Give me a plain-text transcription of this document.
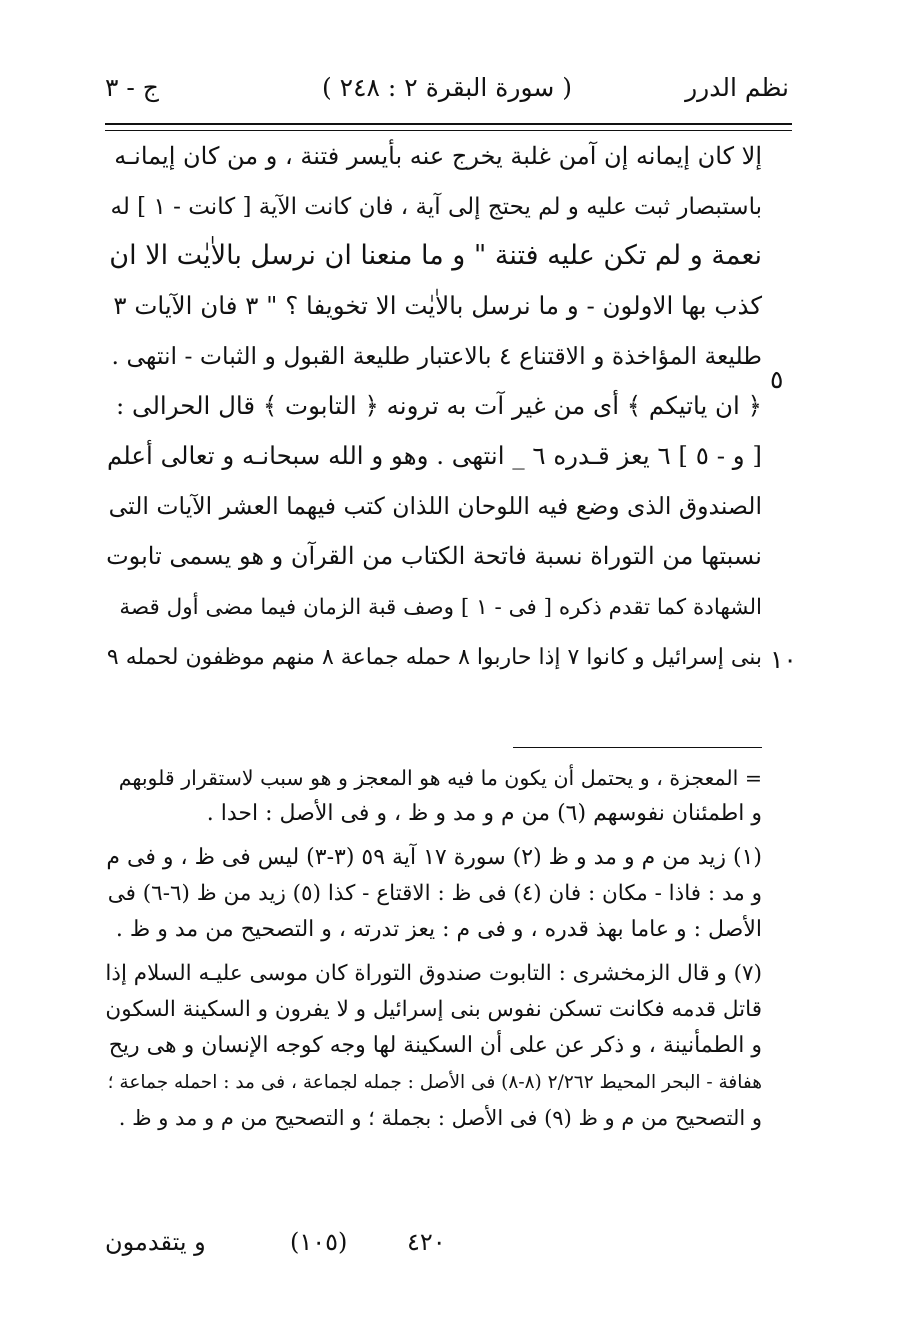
ج - ٣	( سورة البقرة ٢ : ٢٤٨ )	نظم الدرر
إلا كان إيمانه إن آمن غلبة يخرج عنه بأيسر فتنة ، و من كان إيمانـه
باستبصار ثبت عليه و لم يحتج إلى آية ، فان كانت الآية [ كانت - ١ ] له
نعمة و لم تكن عليه فتنة " و ما منعنا ان نرسل بالاٰيٰت الا ان
كذب بها الاولون - و ما نرسل بالاٰيٰت الا تخويفا ؟ " ٣ فان الآيات ٣
طليعة المؤاخذة و الاقتناع ٤ بالاعتبار طليعة القبول و الثبات - انتهى .
﴿ ان ياتيكم ﴾ أى من غير آت به ترونه ﴿ التابوت ﴾ قال الحرالى :
[ و - ٥ ] ٦ يعز قـدره ٦ _ انتهى . وهو و الله سبحانـه و تعالى أعلم
الصندوق الذى وضع فيه اللوحان اللذان كتب فيهما العشر الآيات التى
نسبتها من التوراة نسبة فاتحة الكتاب من القرآن و هو يسمى تابوت
الشهادة كما تقدم ذكره [ فى - ١ ] وصف قبة الزمان فيما مضى أول قصة
بنى إسرائيل و كانوا ٧ إذا حاربوا ٨ حمله جماعة ٨ منهم موظفون لحمله ٩
٥
١٠
= المعجزة ، و يحتمل أن يكون ما فيه هو المعجز و هو سبب لاستقرار قلوبهم
و اطمئنان نفوسهم (٦) من م و مد و ظ ، و فى الأصل : احدا .
(١) زيد من م و مد و ظ (٢) سورة ١٧ آية ٥٩ (٣-٣) ليس فى ظ ، و فى م
و مد : فاذا - مكان : فان (٤) فى ظ : الاقتاع - كذا (٥) زيد من ظ (٦-٦) فى
الأصل : و عاما بهذ قدره ، و فى م : يعز تدرته ، و التصحيح من مد و ظ .
(٧) و قال الزمخشرى : التابوت صندوق التوراة كان موسى عليـه السلام إذا
قاتل قدمه فكانت تسكن نفوس بنى إسرائيل و لا يفرون و السكينة السكون
و الطمأنينة ، و ذكر عن على أن السكينة لها وجه كوجه الإنسان و هى ريح
هفافة - البحر المحيط ٢/٢٦٢ (٨-٨) فى الأصل : جمله لجماعة ، فى مد : احمله جماعة ؛
و التصحيح من م و ظ (٩) فى الأصل : بجملة ؛ و التصحيح من م و مد و ظ .
٤٢٠
(١٠٥)
و يتقدمون
